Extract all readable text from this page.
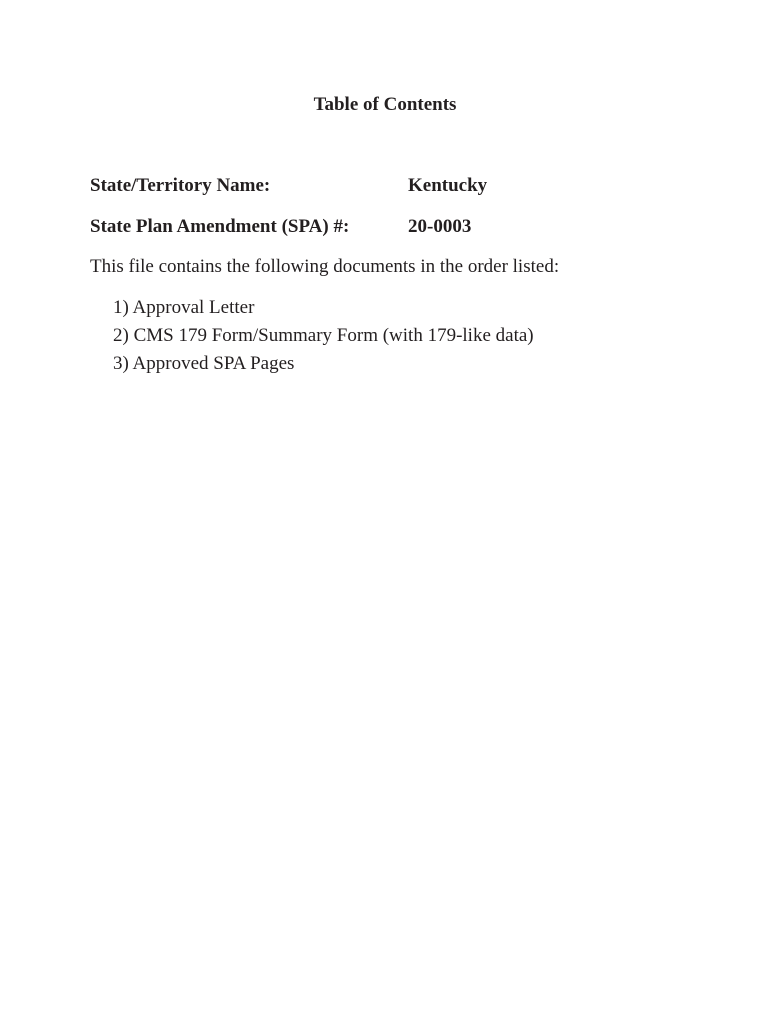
Table of Contents
State/Territory Name:	Kentucky
State Plan Amendment (SPA) #:	20-0003
This file contains the following documents in the order listed:
1) Approval Letter
2) CMS 179 Form/Summary Form (with 179-like data)
3) Approved SPA Pages
